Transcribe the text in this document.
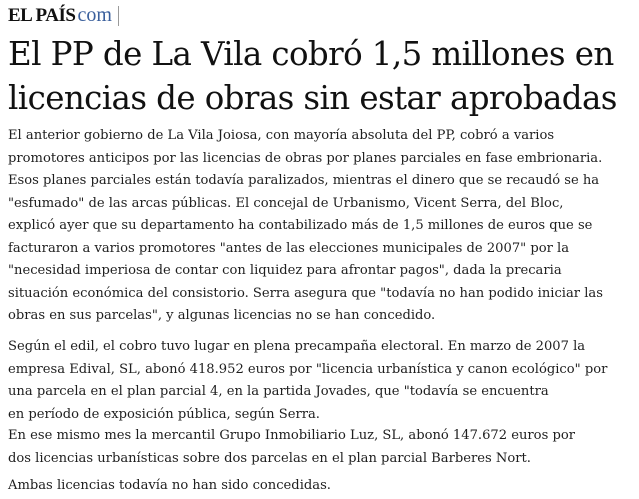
EL PAÍS com
El PP de La Vila cobró 1,5 millones en
licencias de obras sin estar aprobadas

El anterior gobierno de La Vila Joiosa, con mayoría absoluta del PP, cobró a varios
promotores anticipos por las licencias de obras por planes parciales en fase embrionaria.
Esos planes parciales están todavía paralizados, mientras el dinero que se recaudó se ha
"esfumado" de las arcas públicas. El concejal de Urbanismo, Vicent Serra, del Bloc,
explicó ayer que su departamento ha contabilizado más de 1,5 millones de euros que se
facturaron a varios promotores "antes de las elecciones municipales de 2007" por la
"necesidad imperiosa de contar con liquidez para afrontar pagos", dada la precaria
situación económica del consistorio. Serra asegura que "todavía no han podido iniciar las
obras en sus parcelas", y algunas licencias no se han concedido.

Según el edil, el cobro tuvo lugar en plena precampaña electoral. En marzo de 2007 la
empresa Edival, SL, abonó 418.952 euros por "licencia urbanística y canon ecológico" por
una parcela en el plan parcial 4, en la partida Jovades, que "todavía se encuentra
en período de exposición pública, según Serra.

En ese mismo mes la mercantil Grupo Inmobiliario Luz, SL, abonó 147.672 euros por
dos licencias urbanísticas sobre dos parcelas en el plan parcial Barberes Nort.

Ambas licencias todavía no han sido concedidas.
